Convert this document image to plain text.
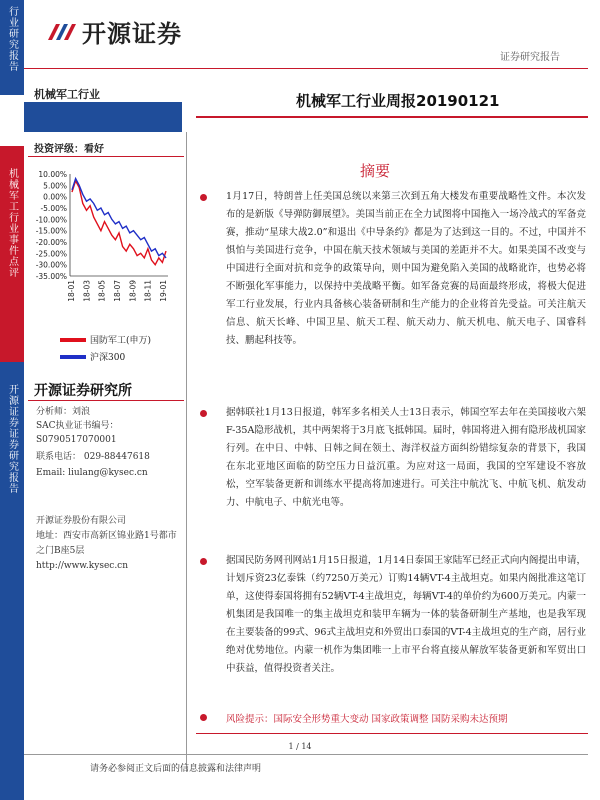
行业研究报告
机械军工行业事件点评
开源证券证券研究报告
开源证券
证券研究报告
机械军工行业	机械军工行业周报20190121
投资评级：看好
10.00%
5.00%
0.00%
-5.00%
-10.00%
-15.00%
-20.00%
-25.00%
-30.00%
-35.00%
18-01 18-03 18-05 18-07 18-09 18-11 19-01
国防军工(申万)
沪深300
开源证券研究所
分析师：刘浪
SAC执业证书编号：
S0790517070001
联系电话： 029-88447618
Email: liulang@kysec.cn
开源证券股份有限公司
地址：西安市高新区锦业路1号都市之门B座5层
http://www.kysec.cn
摘要
1月17日，特朗普上任美国总统以来第三次到五角大楼发布重要战略性文件。本次发布的是新版《导弹防御展望》。美国当前正在全力试图将中国拖入一场冷战式的军备竞赛，推动“星球大战2.0”和退出《中导条约》都是为了达到这一目的。不过，中国并不惧怕与美国进行竞争，中国在航天技术领域与美国的差距并不大。如果美国不改变与中国进行全面对抗和竞争的政策导向，则中国为避免陷入美国的战略讹诈，也势必将不断强化军事能力，以保持中美战略平衡。如军备竞赛的局面最终形成，将极大促进军工行业发展，行业内具备核心装备研制和生产能力的企业将首先受益。可关注航天信息、航天长峰、中国卫星、航天工程、航天动力、航天机电、航天电子、国睿科技、鹏起科技等。
据韩联社1月13日报道，韩军多名相关人士13日表示，韩国空军去年在美国接收六架F-35A隐形战机，其中两架将于3月底飞抵韩国。届时，韩国将进入拥有隐形战机国家行列。在中日、中韩、日韩之间在领土、海洋权益方面纠纷错综复杂的背景下，我国在东北亚地区面临的防空压力日益沉重。为应对这一局面，我国的空军建设不容放松，空军装备更新和训练水平提高将加速进行。可关注中航沈飞、中航飞机、航发动力、中航电子、中航光电等。
据国民防务网刊网站1月15日报道，1月14日泰国王家陆军已经正式向内阁提出申请，计划斥资23亿泰铢（约7250万美元）订购14辆VT-4主战坦克。如果内阁批准这笔订单，这使得泰国将拥有52辆VT-4主战坦克，每辆VT-4的单价约为600万美元。内蒙一机集团是我国唯一的集主战坦克和装甲车辆为一体的装备研制生产基地，也是我军现在主要装备的99式、96式主战坦克和外贸出口泰国的VT-4主战坦克的生产商，居行业绝对优势地位。内蒙一机作为集团唯一上市平台将直接从解放军装备更新和军贸出口中获益，值得投资者关注。
风险提示：国际安全形势重大变动 国家政策调整 国防采购未达预期
1 / 14
请务必参阅正文后面的信息披露和法律声明
